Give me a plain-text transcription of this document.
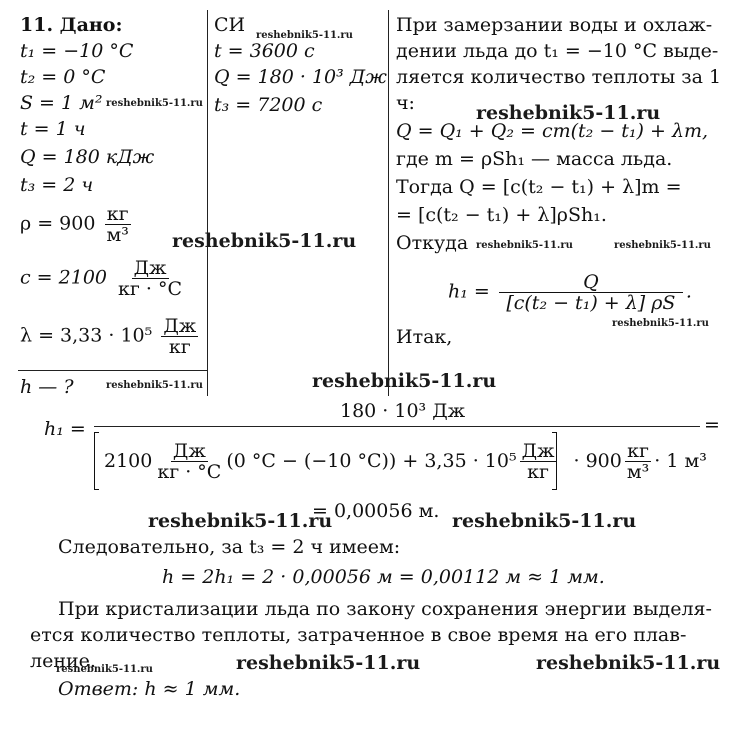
11. Дано:
t₁ = −10 °C
t₂ = 0 °C
S = 1 м²
t = 1 ч
Q = 180 кДж
t₃ = 2 ч
$\rho = 900 \frac{кг}{\text{м³}}$
$c = 2100 \frac{Дж}{кг \cdot ^\circ C}$
$\lambda = 3,33 \cdot 10^5 \frac{Дж}{кг}$
h — ?
СИ
t = 3600 с
Q = 180 · 10³ Дж
t₃ = 7200 с
При замерзании воды и охлаж-
дении льда до t₁ = −10 °C выде-
ляется количество теплоты за 1
ч:
Q = Q₁ + Q₂ = cm(t₂ − t₁) + λm,
где m = ρSh₁ — масса льда.
Тогда Q = [c(t₂ − t₁) + λ]m =
= [c(t₂ − t₁) + λ]ρSh₁.
Откуда
$h_1 = \frac{Q}{\text{[c(t₂ − t₁) + λ] ρS}}$ .
Итак,
h₁ =
180 · 10³ Дж
=
$2100 \frac{Дж}{кг \cdot ^\circ C} (0$ °C − (−10 $^\circ C)) + 3,35 \cdot 10^5 \frac{Дж}{кг} \cdot 900 \frac{кг}{\text{м³}} \cdot 1$ м³
= 0,00056 м.
Следовательно, за t₃ = 2 ч имеем:
h = 2h₁ = 2 · 0,00056 м = 0,00112 м ≈ 1 мм.
При кристализации льда по закону сохранения энергии выделя-
ется количество теплоты, затраченное в свое время на его плав-
ление.
Ответ: h ≈ 1 мм.
reshebnik5-11.ru
reshebnik5-11.ru
reshebnik5-11.ru
reshebnik5-11.ru	reshebnik5-11.ru
reshebnik5-11.ru	reshebnik5-11.ru
reshebnik5-11.ru
reshebnik5-11.ru
reshebnik5-11.ru	reshebnik5-11.ru
reshebnik5-11.ru
reshebnik5-11.ru
reshebnik5-11.ru
